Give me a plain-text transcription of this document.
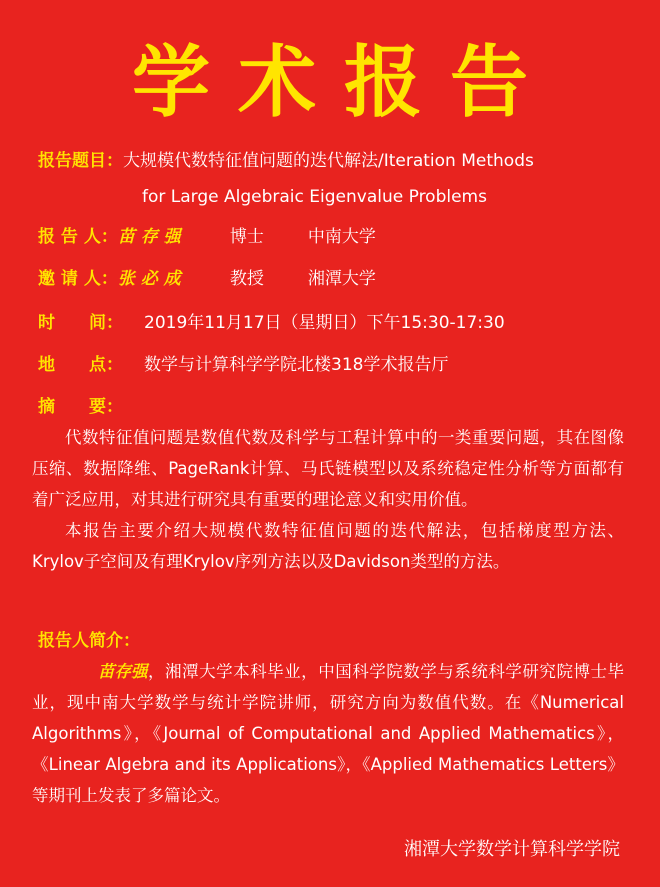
学术报告
报告题目：大规模代数特征值问题的迭代解法/Iteration Methods
for Large Algebraic Eigenvalue Problems
报 告 人：苗 存 强	博士	中南大学
邀 请 人：张 必 成	教授	湘潭大学
时　　间： 2019年11月17日（星期日）下午15:30-17:30
地　　点： 数学与计算科学学院北楼318学术报告厅
摘　　要：

代数特征值问题是数值代数及科学与工程计算中的一类重要问题，其在图像压缩、数据降维、PageRank计算、马氏链模型以及系统稳定性分析等方面都有着广泛应用，对其进行研究具有重要的理论意义和实用价值。

本报告主要介绍大规模代数特征值问题的迭代解法，包括梯度型方法、Krylov子空间及有理Krylov序列方法以及Davidson类型的方法。

报告人简介：

苗存强，湘潭大学本科毕业，中国科学院数学与系统科学研究院博士毕业，现中南大学数学与统计学院讲师，研究方向为数值代数。在《Numerical Algorithms》，《Journal of Computational and Applied Mathematics》，《Linear Algebra and its Applications》，《Applied Mathematics Letters》等期刊上发表了多篇论文。

湘潭大学数学计算科学学院
